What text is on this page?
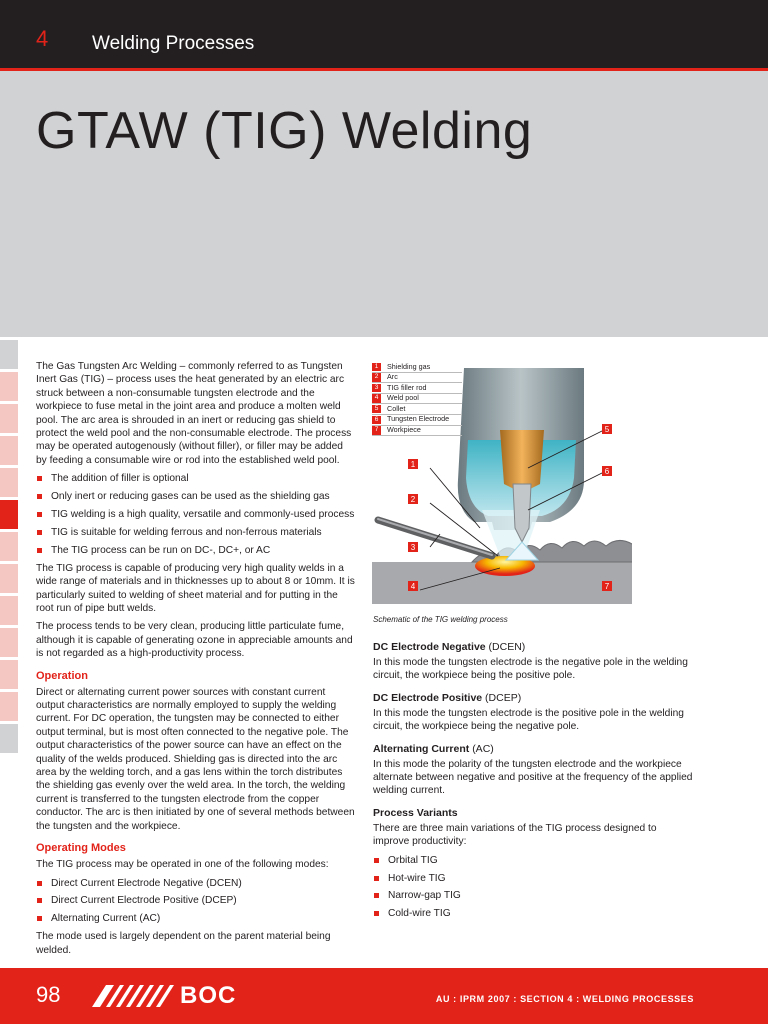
4 Welding Processes
GTAW (TIG) Welding

The Gas Tungsten Arc Welding – commonly referred to as Tungsten Inert Gas (TIG) – process uses the heat generated by an electric arc struck between a non-consumable tungsten electrode and the workpiece to fuse metal in the joint area and produce a molten weld pool. The arc area is shrouded in an inert or reducing gas shield to protect the weld pool and the non-consumable electrode. The process may be operated autogenously (without filler), or filler may be added by feeding a consumable wire or rod into the established weld pool.

The addition of filler is optional
Only inert or reducing gases can be used as the shielding gas
TIG welding is a high quality, versatile and commonly-used process
TIG is suitable for welding ferrous and non-ferrous materials
The TIG process can be run on DC-, DC+, or AC

The TIG process is capable of producing very high quality welds in a wide range of materials and in thicknesses up to about 8 or 10mm. It is particularly suited to welding of sheet material and for putting in the root run of pipe butt welds.

The process tends to be very clean, producing little particulate fume, although it is capable of generating ozone in appreciable amounts and is not regarded as a high-productivity process.

Operation

Direct or alternating current power sources with constant current output characteristics are normally employed to supply the welding current. For DC operation, the tungsten may be connected to either output terminal, but is most often connected to the negative pole. The output characteristics of the power source can have an effect on the quality of the welds produced. Shielding gas is directed into the arc area by the welding torch, and a gas lens within the torch distributes the shielding gas evenly over the weld area. In the torch, the welding current is transferred to the tungsten electrode from the copper conductor. The arc is then initiated by one of several methods between the tungsten and the workpiece.

Operating Modes

The TIG process may be operated in one of the following modes:

Direct Current Electrode Negative (DCEN)
Direct Current Electrode Positive (DCEP)
Alternating Current (AC)

The mode used is largely dependent on the parent material being welded.

1
2
3
4
5
6
7
1	Shielding gas
2	Arc
3	TIG filler rod
4	Weld pool
5	Collet
6	Tungsten Electrode
7	Workpiece
Schematic of the TIG welding process
DC Electrode Negative (DCEN)

In this mode the tungsten electrode is the negative pole in the welding circuit, the workpiece being the positive pole.

DC Electrode Positive (DCEP)

In this mode the tungsten electrode is the positive pole in the welding circuit, the workpiece being the negative pole.

Alternating Current (AC)

In this mode the polarity of the tungsten electrode and the workpiece alternate between negative and positive at the frequency of the applied welding current.

Process Variants

There are three main variations of the TIG process designed to improve productivity:

Orbital TIG
Hot-wire TIG
Narrow-gap TIG
Cold-wire TIG
98	BOC	AU : IPRM 2007 : SECTION 4 : WELDING PROCESSES
